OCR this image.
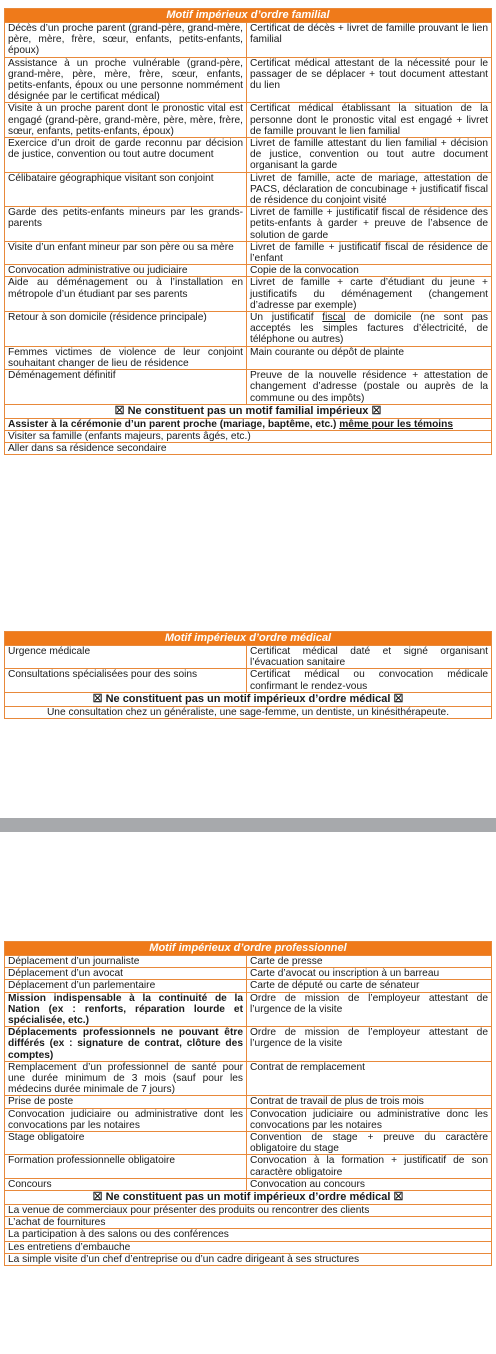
Motif impérieux d’ordre familial	
Décès d’un proche parent (grand-père, grand-mère, père, mère, frère, sœur, enfants, petits-enfants, époux)	Certificat de décès + livret de famille prouvant le lien familial
Assistance à un proche vulnérable (grand-père, grand-mère, père, mère, frère, sœur, enfants, petits-enfants, époux ou une personne nommément désignée par le certificat médical)	Certificat médical attestant de la nécessité pour le passager de se déplacer + tout document attestant du lien
Visite à un proche parent dont le pronostic vital est engagé (grand-père, grand-mère, père, mère, frère, sœur, enfants, petits-enfants, époux)	Certificat médical établissant la situation de la personne dont le pronostic vital est engagé + livret de famille prouvant le lien familial
Exercice d’un droit de garde reconnu par décision de justice, convention ou tout autre document	Livret de famille attestant du lien familial + décision de justice, convention ou tout autre document organisant la garde
Célibataire géographique visitant son conjoint	Livret de famille, acte de mariage, attestation de PACS, déclaration de concubinage + justificatif fiscal de résidence du conjoint visité
Garde des petits-enfants mineurs par les grands-parents	Livret de famille + justificatif fiscal de résidence des petits-enfants à garder + preuve de l’absence de solution de garde
Visite d’un enfant mineur par son père ou sa mère	Livret de famille + justificatif fiscal de résidence de l’enfant
Convocation administrative ou judiciaire	Copie de la convocation
Aide au déménagement ou à l’installation en métropole d’un étudiant par ses parents	Livret de famille + carte d’étudiant du jeune + justificatifs du déménagement (changement d’adresse par exemple)
Retour à son domicile (résidence principale)	Un justificatif fiscal de domicile (ne sont pas acceptés les simples factures d’électricité, de téléphone ou autres)
Femmes victimes de violence de leur conjoint souhaitant changer de lieu de résidence	Main courante ou dépôt de plainte
Déménagement définitif	Preuve de la nouvelle résidence + attestation de changement d’adresse (postale ou auprès de la commune ou des impôts)
☒ Ne constituent pas un motif familial impérieux ☒	
Assister à la cérémonie d’un parent proche (mariage, baptême, etc.) même pour les témoins	
Visiter sa famille (enfants majeurs, parents âgés, etc.)	
Aller dans sa résidence secondaire	
Motif impérieux d’ordre médical	
Urgence médicale	Certificat médical daté et signé organisant l’évacuation sanitaire
Consultations spécialisées pour des soins	Certificat médical ou convocation médicale confirmant le rendez-vous
☒ Ne constituent pas un motif impérieux d’ordre médical ☒	
Une consultation chez un généraliste, une sage-femme, un dentiste, un kinésithérapeute.	
Motif impérieux d’ordre professionnel	
Déplacement d’un journaliste	Carte de presse
Déplacement d’un avocat	Carte d’avocat ou inscription à un barreau
Déplacement d’un parlementaire	Carte de député ou carte de sénateur
Mission indispensable à la continuité de la Nation (ex : renforts, réparation lourde et spécialisée, etc.)	Ordre de mission de l’employeur attestant de l’urgence de la visite
Déplacements professionnels ne pouvant être différés (ex : signature de contrat, clôture des comptes)	Ordre de mission de l’employeur attestant de l’urgence de la visite
Remplacement d’un professionnel de santé pour une durée minimum de 3 mois (sauf pour les médecins durée minimale de 7 jours)	Contrat de remplacement
Prise de poste	Contrat de travail de plus de trois mois
Convocation judiciaire ou administrative dont les convocations par les notaires	Convocation judiciaire ou administrative donc les convocations par les notaires
Stage obligatoire	Convention de stage + preuve du caractère obligatoire du stage
Formation professionnelle obligatoire	Convocation à la formation + justificatif de son caractère obligatoire
Concours	Convocation au concours
☒ Ne constituent pas un motif impérieux d’ordre médical ☒	
La venue de commerciaux pour présenter des produits ou rencontrer des clients	
L’achat de fournitures	
La participation à des salons ou des conférences	
Les entretiens d’embauche	
La simple visite d’un chef d’entreprise ou d’un cadre dirigeant à ses structures	
